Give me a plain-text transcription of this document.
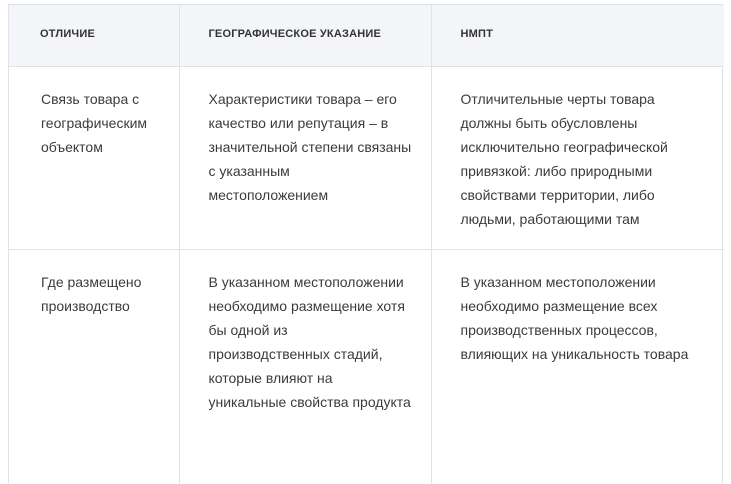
ОТЛИЧИЕ	ГЕОГРАФИЧЕСКОЕ УКАЗАНИЕ	НМПТ
Связь товара с географическим объектом	Характеристики товара – его качество или репутация – в значительной степени связаны с указанным местоположением	Отличительные черты товара должны быть обусловлены исключительно географической привязкой: либо природными свойствами территории, либо людьми, работающими там
Где размещено производство	В указанном местоположении необходимо размещение хотя бы одной из производственных стадий, которые влияют на уникальные свойства продукта	В указанном местоположении необходимо размещение всех производственных процессов, влияющих на уникальность товара
